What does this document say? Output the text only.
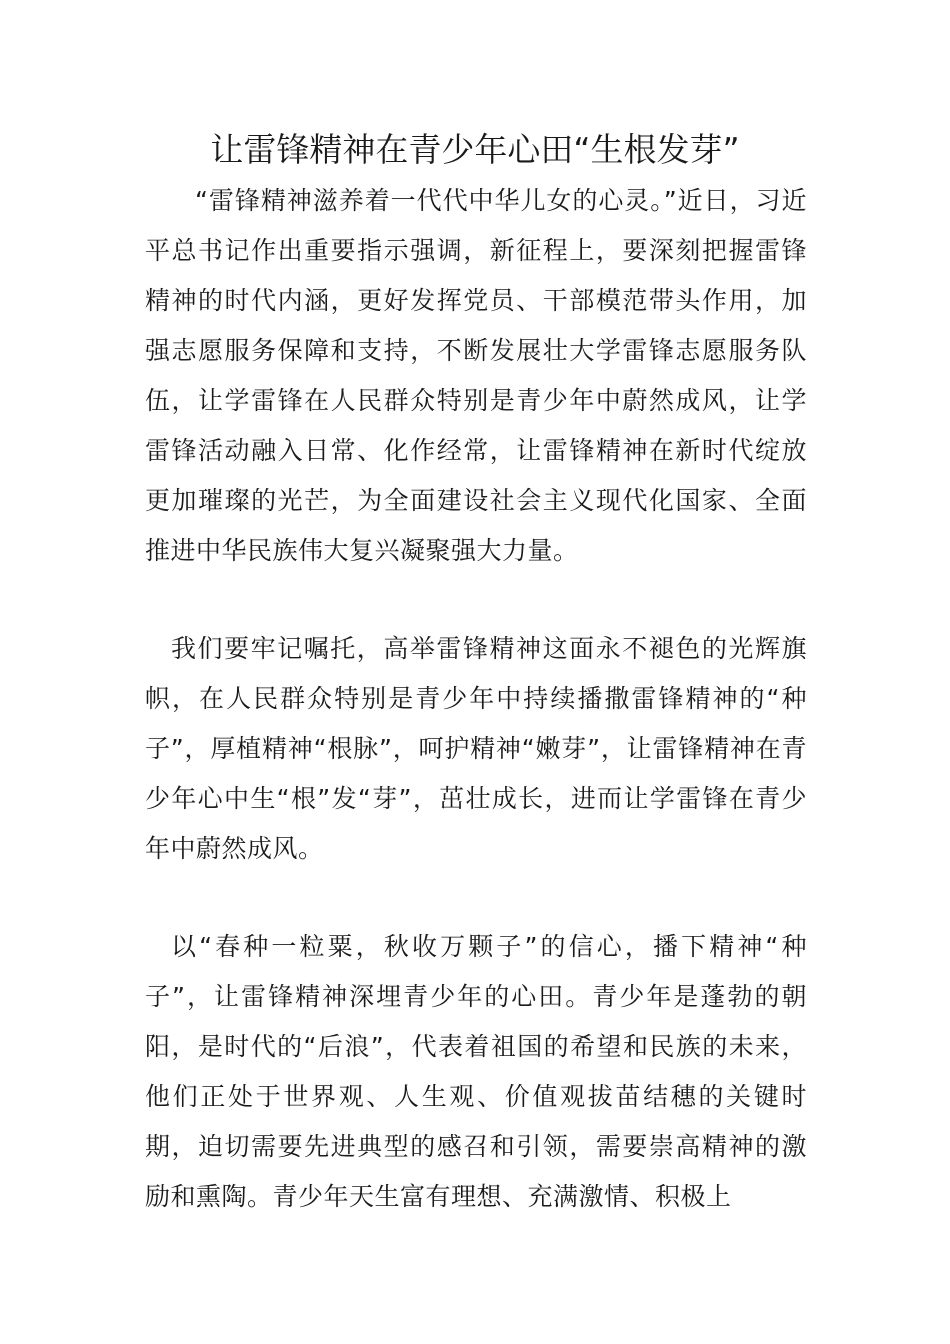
让雷锋精神在青少年心田“生根发芽”

“雷锋精神滋养着一代代中华儿女的心灵。”近日，习近平总书记作出重要指示强调，新征程上，要深刻把握雷锋精神的时代内涵，更好发挥党员、干部模范带头作用，加强志愿服务保障和支持，不断发展壮大学雷锋志愿服务队伍，让学雷锋在人民群众特别是青少年中蔚然成风，让学雷锋活动融入日常、化作经常，让雷锋精神在新时代绽放更加璀璨的光芒，为全面建设社会主义现代化国家、全面推进中华民族伟大复兴凝聚强大力量。

我们要牢记嘱托，高举雷锋精神这面永不褪色的光辉旗帜，在人民群众特别是青少年中持续播撒雷锋精神的“种子”，厚植精神“根脉”，呵护精神“嫩芽”，让雷锋精神在青少年心中生“根”发“芽”，茁壮成长，进而让学雷锋在青少年中蔚然成风。

以“春种一粒粟，秋收万颗子”的信心，播下精神“种子”，让雷锋精神深埋青少年的心田。青少年是蓬勃的朝阳，是时代的“后浪”，代表着祖国的希望和民族的未来，他们正处于世界观、人生观、价值观拔苗结穗的关键时期，迫切需要先进典型的感召和引领，需要崇高精神的激励和熏陶。青少年天生富有理想、充满激情、积极上
